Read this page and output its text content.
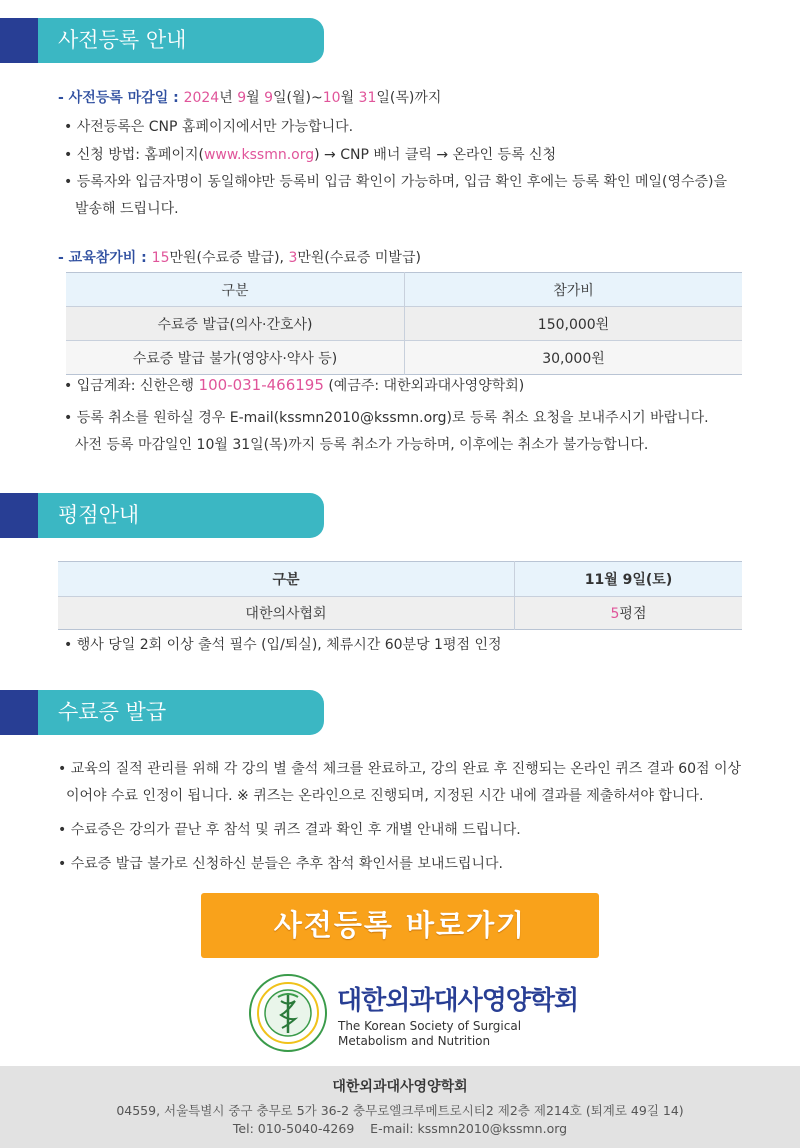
사전등록 안내
- 사전등록 마감일 : 2024년 9월 9일(월)~10월 31일(목)까지
• 사전등록은 CNP 홈페이지에서만 가능합니다.
• 신청 방법: 홈페이지(www.kssmn.org) → CNP 배너 클릭 → 온라인 등록 신청
• 등록자와 입금자명이 동일해야만 등록비 입금 확인이 가능하며, 입금 확인 후에는 등록 확인 메일(영수증)을
발송해 드립니다.
- 교육참가비 : 15만원(수료증 발급), 3만원(수료증 미발급)
구분	참가비
수료증 발급(의사·간호사)	150,000원
수료증 발급 불가(영양사·약사 등)	30,000원
• 입금계좌: 신한은행 100-031-466195 (예금주: 대한외과대사영양학회)
• 등록 취소를 원하실 경우 E-mail(kssmn2010@kssmn.org)로 등록 취소 요청을 보내주시기 바랍니다.
사전 등록 마감일인 10월 31일(목)까지 등록 취소가 가능하며, 이후에는 취소가 불가능합니다.
평점안내
구분	11월 9일(토)
대한의사협회	5평점
• 행사 당일 2회 이상 출석 필수 (입/퇴실), 체류시간 60분당 1평점 인정
수료증 발급
• 교육의 질적 관리를 위해 각 강의 별 출석 체크를 완료하고, 강의 완료 후 진행되는 온라인 퀴즈 결과 60점 이상
이어야 수료 인정이 됩니다. ※ 퀴즈는 온라인으로 진행되며, 지정된 시간 내에 결과를 제출하셔야 합니다.
• 수료증은 강의가 끝난 후 참석 및 퀴즈 결과 확인 후 개별 안내해 드립니다.
• 수료증 발급 불가로 신청하신 분들은 추후 참석 확인서를 보내드립니다.
사전등록 바로가기
대한외과대사영양학회
The Korean Society of Surgical
Metabolism and Nutrition
대한외과대사영양학회
04559, 서울특별시 중구 충무로 5가 36-2 충무로엘크루메트로시티2 제2층 제214호 (퇴계로 49길 14)
Tel: 010-5040-4269    E-mail: kssmn2010@kssmn.org
